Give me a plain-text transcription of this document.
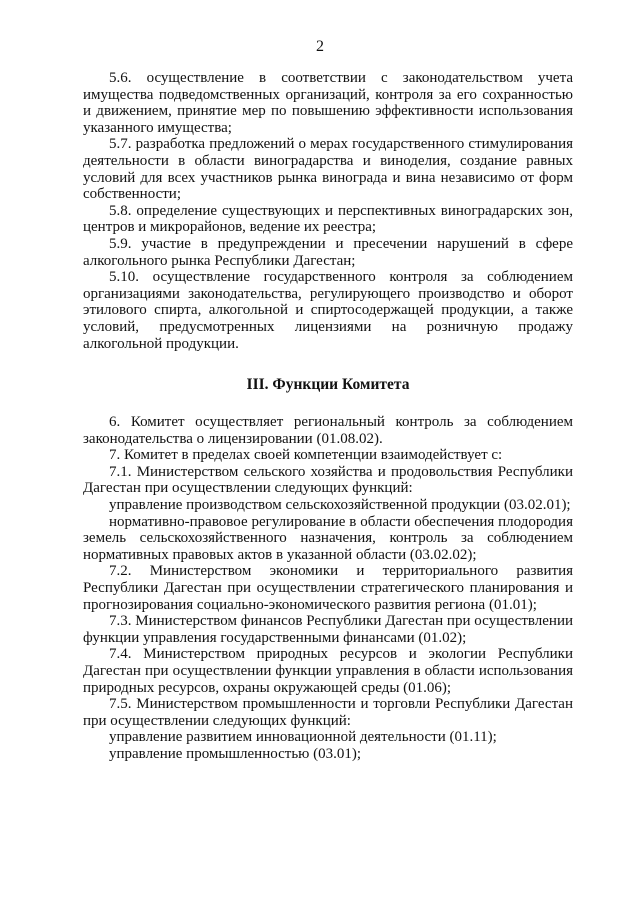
2

5.6. осуществление в соответствии с законодательством учета имущества подведомственных организаций, контроля за его сохранностью и движением, принятие мер по повышению эффективности использования указанного имущества;

5.7. разработка предложений о мерах государственного стимулирования деятельности в области виноградарства и виноделия, создание равных условий для всех участников рынка винограда и вина независимо от форм собственности;

5.8. определение существующих и перспективных виноградарских зон, центров и микрорайонов, ведение их реестра;

5.9. участие в предупреждении и пресечении нарушений в сфере алкогольного рынка Республики Дагестан;

5.10. осуществление государственного контроля за соблюдением организациями законодательства, регулирующего производство и оборот этилового спирта, алкогольной и спиртосодержащей продукции, а также условий, предусмотренных лицензиями на розничную продажу алкогольной продукции.

III. Функции Комитета

6. Комитет осуществляет региональный контроль за соблюдением законодательства о лицензировании (01.08.02).

7. Комитет в пределах своей компетенции взаимодействует с:

7.1. Министерством сельского хозяйства и продовольствия Республики Дагестан при осуществлении следующих функций:

управление производством сельскохозяйственной продукции (03.02.01);

нормативно-правовое регулирование в области обеспечения плодородия земель сельскохозяйственного назначения, контроль за соблюдением нормативных правовых актов в указанной области (03.02.02);

7.2. Министерством экономики и территориального развития Республики Дагестан при осуществлении стратегического планирования и прогнозирования социально-экономического развития региона (01.01);

7.3. Министерством финансов Республики Дагестан при осуществлении функции управления государственными финансами (01.02);

7.4. Министерством природных ресурсов и экологии Республики Дагестан при осуществлении функции управления в области использования природных ресурсов, охраны окружающей среды (01.06);

7.5. Министерством промышленности и торговли Республики Дагестан при осуществлении следующих функций:

управление развитием инновационной деятельности (01.11);

управление промышленностью (03.01);
